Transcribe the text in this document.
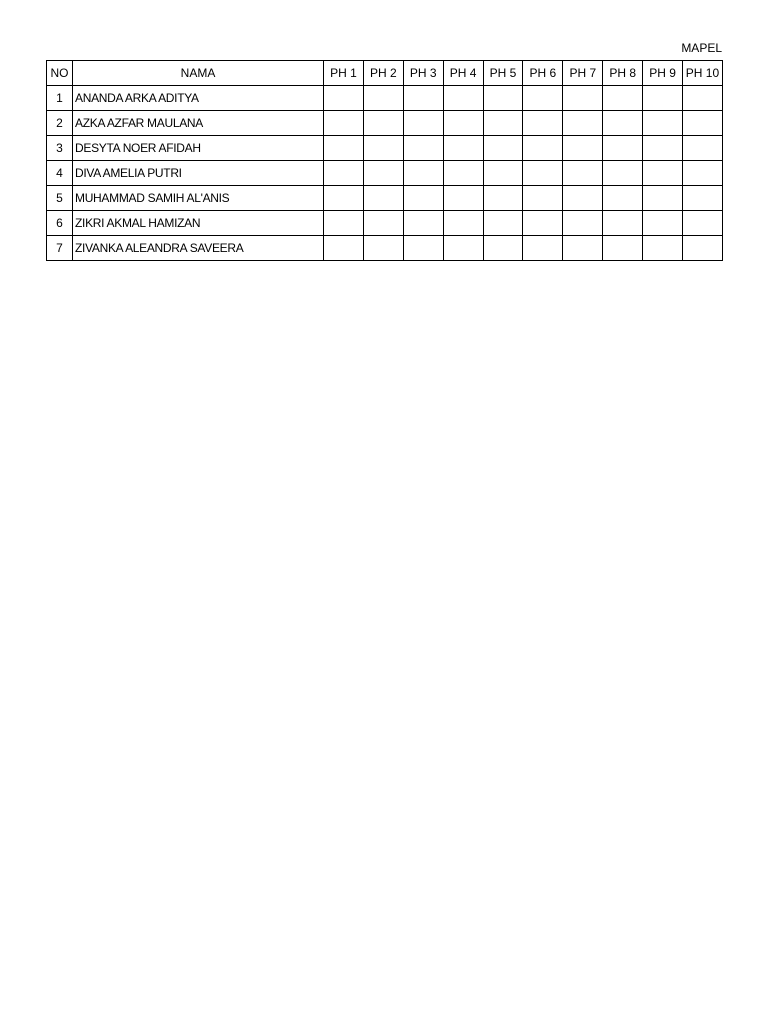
MAPEL
NO	NAMA	PH 1	PH 2	PH 3	PH 4	PH 5	PH 6	PH 7	PH 8	PH 9	PH 10
1	ANANDA ARKA ADITYA										
2	AZKA AZFAR MAULANA										
3	DESYTA NOER AFIDAH										
4	DIVA AMELIA PUTRI										
5	MUHAMMAD SAMIH AL'ANIS										
6	ZIKRI AKMAL HAMIZAN										
7	ZIVANKA ALEANDRA SAVEERA										
